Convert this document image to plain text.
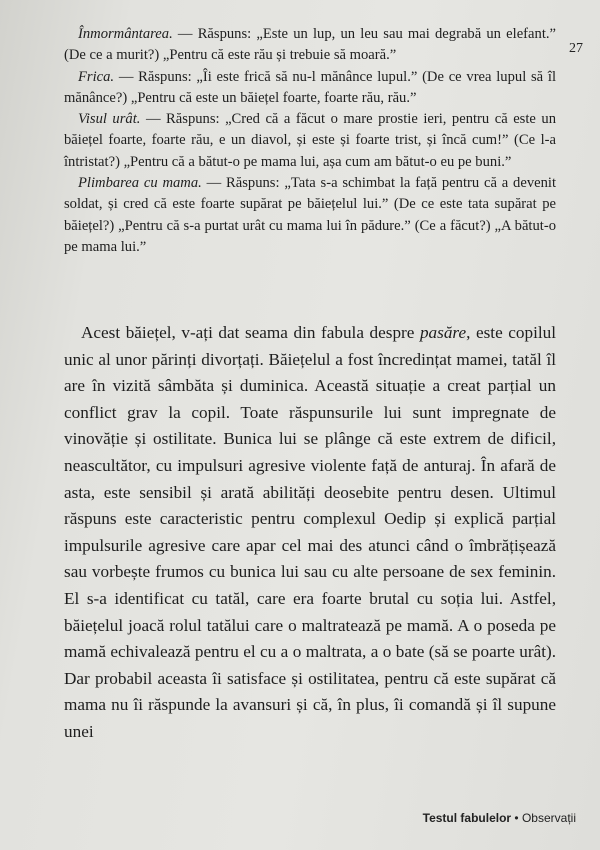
27

Înmormântarea. — Răspuns: „Este un lup, un leu sau mai degrabă un elefant.” (De ce a murit?) „Pentru că este rău și trebuie să moară.”

Frica. — Răspuns: „Îi este frică să nu-l mănânce lupul.” (De ce vrea lupul să îl mănânce?) „Pentru că este un băiețel foarte, foarte rău, rău.”

Visul urât. — Răspuns: „Cred că a făcut o mare prostie ieri, pentru că este un băiețel foarte, foarte rău, e un diavol, și este și foarte trist, și încă cum!” (Ce l-a întristat?) „Pentru că a bătut-o pe mama lui, așa cum am bătut-o eu pe buni.”

Plimbarea cu mama. — Răspuns: „Tata s-a schimbat la față pentru că a devenit soldat, și cred că este foarte supărat pe băiețelul lui.” (De ce este tata supărat pe băiețel?) „Pentru că s-a purtat urât cu mama lui în pădure.” (Ce a făcut?) „A bătut-o pe mama lui.”

Acest băiețel, v-ați dat seama din fabula despre pasăre, este copilul unic al unor părinți divorțați. Băiețelul a fost încredințat mamei, tatăl îl are în vizită sâmbăta și duminica. Această situație a creat parțial un conflict grav la copil. Toate răspunsurile lui sunt impregnate de vinovăție și ostilitate. Bunica lui se plânge că este extrem de dificil, neascultător, cu impulsuri agresive violente față de anturaj. În afară de asta, este sensibil și arată abilități deosebite pentru desen. Ultimul răspuns este caracteristic pentru complexul Oedip și explică parțial impulsurile agresive care apar cel mai des atunci când o îmbrățișează sau vorbește frumos cu bunica lui sau cu alte persoane de sex feminin. El s-a identificat cu tatăl, care era foarte brutal cu soția lui. Astfel, băiețelul joacă rolul tatălui care o maltratează pe mamă. A o poseda pe mamă echivalează pentru el cu a o maltrata, a o bate (să se poarte urât). Dar probabil aceasta îi satisface și ostilitatea, pentru că este supărat că mama nu îi răspunde la avansuri și că, în plus, îi comandă și îl supune unei

Testul fabulelor • Observații
